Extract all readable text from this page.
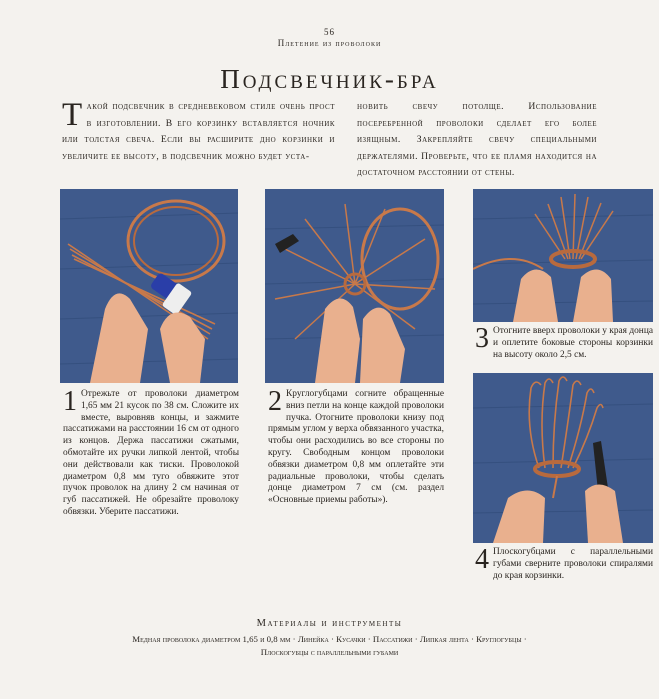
56
Плетение из проволоки
Подсвечник-бра
Такой подсвечник в средневековом стиле очень прост в изготовлении. В его корзинку вставляется ночник или толстая свеча. Если вы расширите дно корзинки и увеличите ее высоту, в подсвечник можно будет уста-
новить свечу потолще. Использование посеребренной проволоки сделает его более изящным. Закрепляйте свечу специальными держателями. Проверьте, что ее пламя находится на достаточном расстоянии от стены.
1 Отрежьте от проволоки диаметром 1,65 мм 21 кусок по 38 см. Сложите их вместе, выровняв концы, и зажмите пассатижами на расстоянии 16 см от одного из концов. Держа пассатижи сжатыми, обмотайте их ручки липкой лентой, чтобы они действовали как тиски. Проволокой диаметром 0,8 мм туго обвяжите этот пучок проволок на длину 2 см начиная от губ пассатижей. Не обрезайте проволоку обвязки. Уберите пассатижи.
2 Круглогубцами согните обращенные вниз петли на конце каждой проволоки пучка. Отогните проволоки книзу под прямым углом у верха обвязанного участка, чтобы они расходились во все стороны по кругу. Свободным концом проволоки обвязки диаметром 0,8 мм оплетайте эти радиальные проволоки, чтобы сделать донце диаметром 7 см (см. раздел «Основные приемы работы»).
3 Отогните вверх проволоки у края донца и оплетите боковые стороны корзинки на высоту около 2,5 см.
4 Плоскогубцами с параллельными губами сверните проволоки спиралями до края корзинки.
Материалы и инструменты
Медная проволока диаметром 1,65 и 0,8 мм · Линейка · Кусачки · Пассатижи · Липкая лента · Круглогубцы ·
Плоскогубцы с параллельными губами
